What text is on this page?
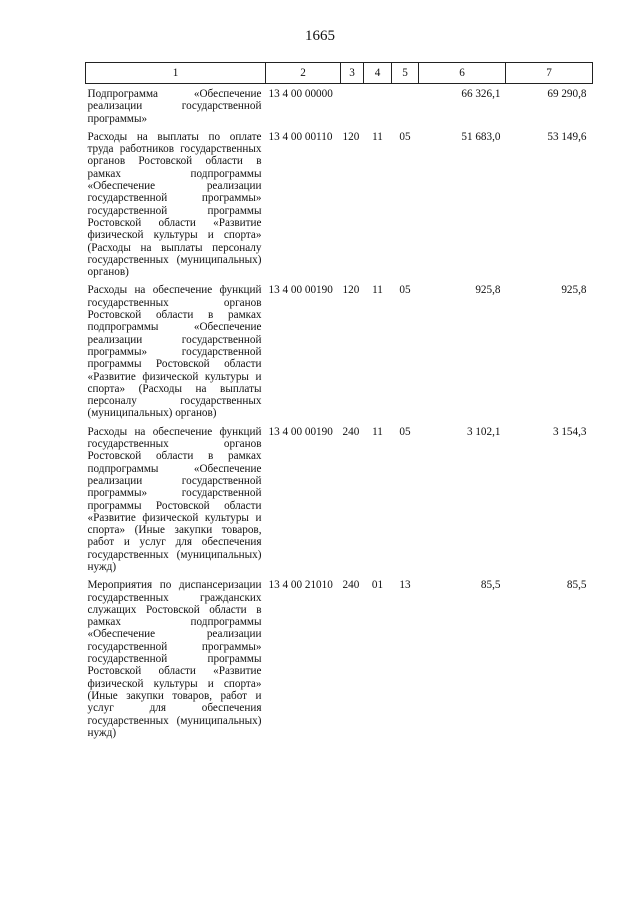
1665
1	2	3	4	5	6	7
Подпрограмма «Обеспечение реализации государственной программы»	13 4 00 00000				66 326,1	69 290,8
Расходы на выплаты по оплате труда работников государственных органов Ростовской области в рамках подпрограммы «Обеспечение реализации государственной программы» государственной программы Ростовской области «Развитие физической культуры и спорта» (Расходы на выплаты персоналу государственных (муниципальных) органов)	13 4 00 00110	120	11	05	51 683,0	53 149,6
Расходы на обеспечение функций государственных органов Ростовской области в рамках подпрограммы «Обеспечение реализации государственной программы» государственной программы Ростовской области «Развитие физической культуры и спорта» (Расходы на выплаты персоналу государственных (муниципальных) органов)	13 4 00 00190	120	11	05	925,8	925,8
Расходы на обеспечение функций государственных органов Ростовской области в рамках подпрограммы «Обеспечение реализации государственной программы» государственной программы Ростовской области «Развитие физической культуры и спорта» (Иные закупки товаров, работ и услуг для обеспечения государственных (муниципальных) нужд)	13 4 00 00190	240	11	05	3 102,1	3 154,3
Мероприятия по диспансеризации государственных гражданских служащих Ростовской области в рамках подпрограммы «Обеспечение реализации государственной программы» государственной программы Ростовской области «Развитие физической культуры и спорта» (Иные закупки товаров, работ и услуг для обеспечения государственных (муниципальных) нужд)	13 4 00 21010	240	01	13	85,5	85,5
